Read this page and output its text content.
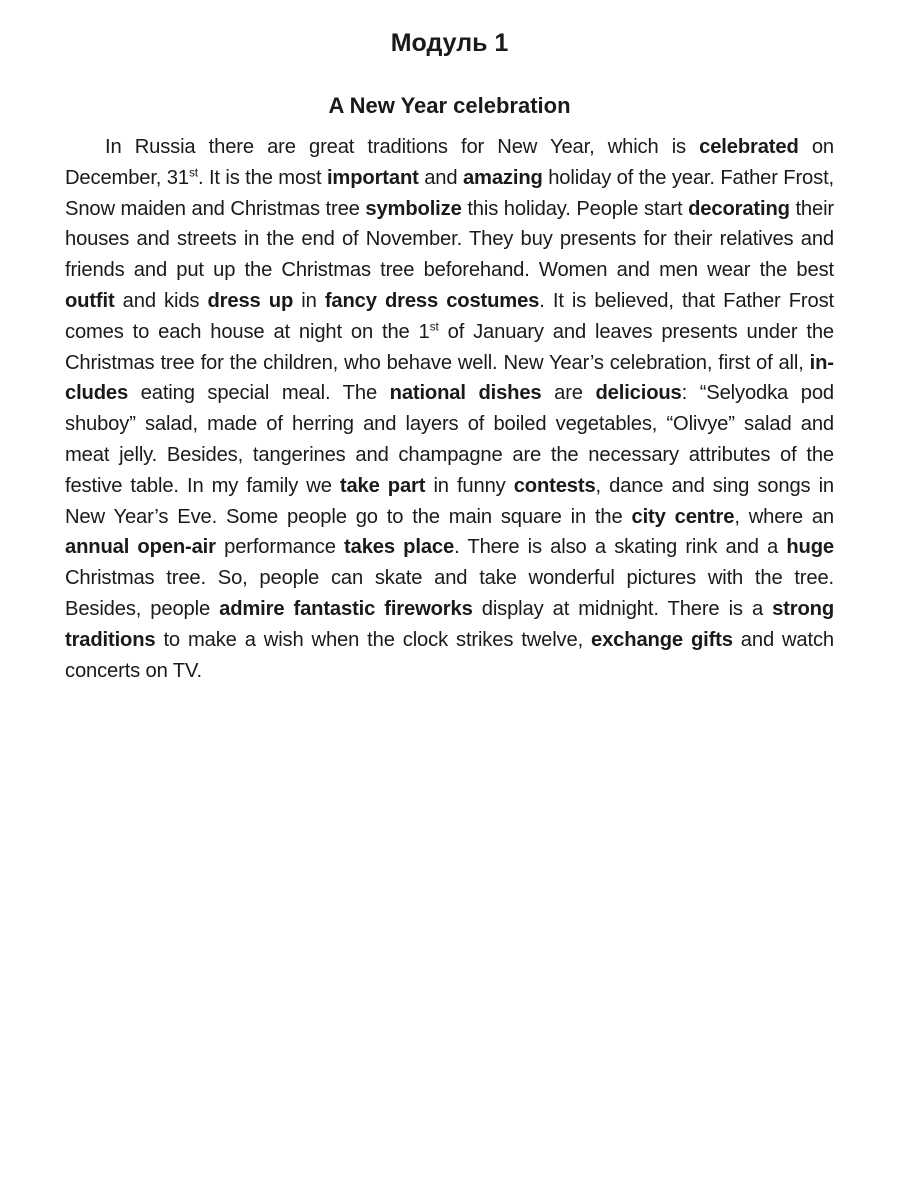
Модуль 1
A New Year celebration

In Russia there are great traditions for New Year, which is celebrated on December, 31st. It is the most important and amazing holiday of the year. Father Frost, Snow maiden and Christmas tree symbolize this holiday. People start decorating their houses and streets in the end of November. They buy presents for their relatives and friends and put up the Christmas tree beforehand. Women and men wear the best outfit and kids dress up in fancy dress costumes. It is believed, that Father Frost comes to each house at night on the 1st of January and leaves presents under the Christmas tree for the children, who behave well. New Year’s celebration, first of all, includes eating special meal. The national dishes are delicious: “Selyodka pod shuboy” salad, made of herring and layers of boiled vegetables, “Olivye” salad and meat jelly. Besides, tangerines and champagne are the necessary attributes of the festive table. In my family we take part in funny contests, dance and sing songs in New Year’s Eve. Some people go to the main square in the city centre, where an annual open-air performance takes place. There is also a skating rink and a huge Christmas tree. So, people can skate and take wonderful pictures with the tree. Besides, people admire fantastic fireworks display at midnight. There is a strong traditions to make a wish when the clock strikes twelve, exchange gifts and watch concerts on TV.
